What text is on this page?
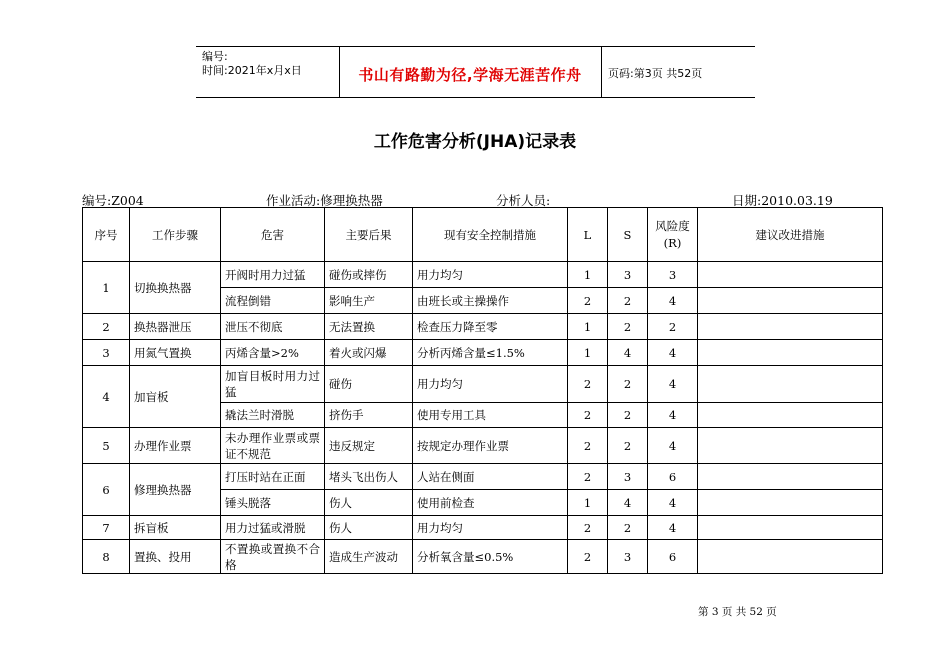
编号:
时间:2021年x月x日	书山有路勤为径,学海无涯苦作舟	页码:第3页 共52页
工作危害分析(JHA)记录表
编号:Z004	作业活动:修理换热器	分析人员:	日期:2010.03.19
序号	工作步骤	危害	主要后果	现有安全控制措施	L	S	风险度(R)	建议改进措施
1	切换换热器	开阀时用力过猛	碰伤或摔伤	用力均匀	1	3	3	
		流程倒错	影响生产	由班长或主操操作	2	2	4	
2	换热器泄压	泄压不彻底	无法置换	检查压力降至零	1	2	2	
3	用氮气置换	丙烯含量>2%	着火或闪爆	分析丙烯含量≤1.5%	1	4	4	
4	加盲板	加盲目板时用力过猛	碰伤	用力均匀	2	2	4	
		撬法兰时滑脱	挤伤手	使用专用工具	2	2	4	
5	办理作业票	未办理作业票或票证不规范	违反规定	按规定办理作业票	2	2	4	
6	修理换热器	打压时站在正面	堵头飞出伤人	人站在侧面	2	3	6	
		锤头脱落	伤人	使用前检查	1	4	4	
7	拆盲板	用力过猛或滑脱	伤人	用力均匀	2	2	4	
8	置换、投用	不置换或置换不合格	造成生产波动	分析氧含量≤0.5%	2	3	6	
第 3 页 共 52 页
